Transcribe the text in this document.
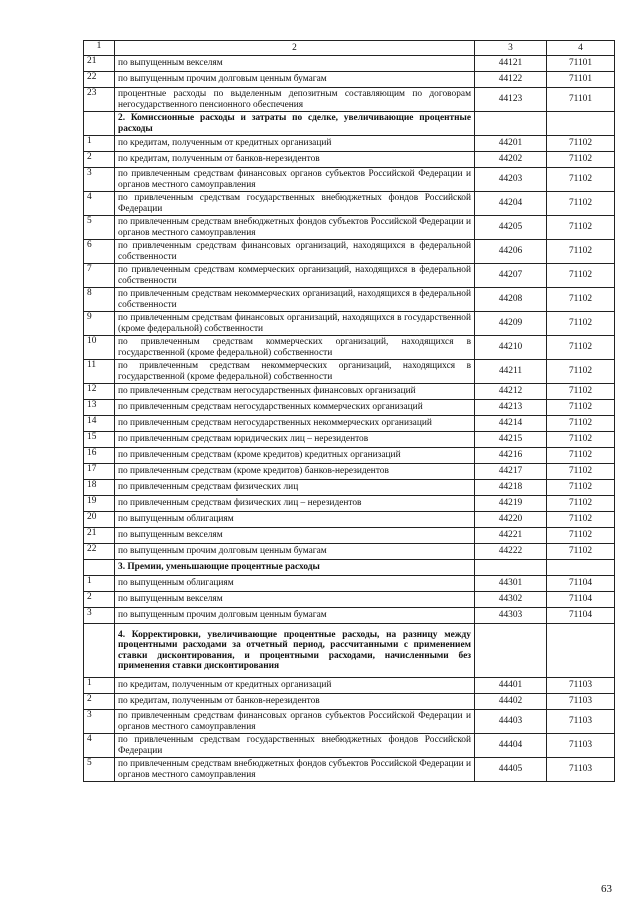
1	2	3	4
21	по выпущенным векселям	44121	71101
22	по выпущенным прочим долговым ценным бумагам	44122	71101
23	процентные расходы по выделенным депозитным составляющим по договорам негосударственного пенсионного обеспечения	44123	71101
	2. Комиссионные расходы и затраты по сделке, увеличивающие процентные расходы		
1	по кредитам, полученным от кредитных организаций	44201	71102
2	по кредитам, полученным от банков-нерезидентов	44202	71102
3	по привлеченным средствам финансовых органов субъектов Российской Федерации и органов местного самоуправления	44203	71102
4	по привлеченным средствам государственных внебюджетных фондов Российской Федерации	44204	71102
5	по привлеченным средствам внебюджетных фондов субъектов Российской Федерации и органов местного самоуправления	44205	71102
6	по привлеченным средствам финансовых организаций, находящихся в федеральной собственности	44206	71102
7	по привлеченным средствам коммерческих организаций, находящихся в федеральной собственности	44207	71102
8	по привлеченным средствам некоммерческих организаций, находящихся в федеральной собственности	44208	71102
9	по привлеченным средствам финансовых организаций, находящихся в государственной (кроме федеральной) собственности	44209	71102
10	по привлеченным средствам коммерческих организаций, находящихся в государственной (кроме федеральной) собственности	44210	71102
11	по привлеченным средствам некоммерческих организаций, находящихся в государственной (кроме федеральной) собственности	44211	71102
12	по привлеченным средствам негосударственных финансовых организаций	44212	71102
13	по привлеченным средствам негосударственных коммерческих организаций	44213	71102
14	по привлеченным средствам негосударственных некоммерческих организаций	44214	71102
15	по привлеченным средствам юридических лиц – нерезидентов	44215	71102
16	по привлеченным средствам (кроме кредитов) кредитных организаций	44216	71102
17	по привлеченным средствам (кроме кредитов) банков-нерезидентов	44217	71102
18	по привлеченным средствам физических лиц	44218	71102
19	по привлеченным средствам физических лиц – нерезидентов	44219	71102
20	по выпущенным облигациям	44220	71102
21	по выпущенным векселям	44221	71102
22	по выпущенным прочим долговым ценным бумагам	44222	71102
	3. Премии, уменьшающие процентные расходы		
1	по выпущенным облигациям	44301	71104
2	по выпущенным векселям	44302	71104
3	по выпущенным прочим долговым ценным бумагам	44303	71104
	4. Корректировки, увеличивающие процентные расходы, на разницу между процентными расходами за отчетный период, рассчитанными с применением ставки дисконтирования, и процентными расходами, начисленными без применения ставки дисконтирования		
1	по кредитам, полученным от кредитных организаций	44401	71103
2	по кредитам, полученным от банков-нерезидентов	44402	71103
3	по привлеченным средствам финансовых органов субъектов Российской Федерации и органов местного самоуправления	44403	71103
4	по привлеченным средствам государственных внебюджетных фондов Российской Федерации	44404	71103
5	по привлеченным средствам внебюджетных фондов субъектов Российской Федерации и органов местного самоуправления	44405	71103
63
